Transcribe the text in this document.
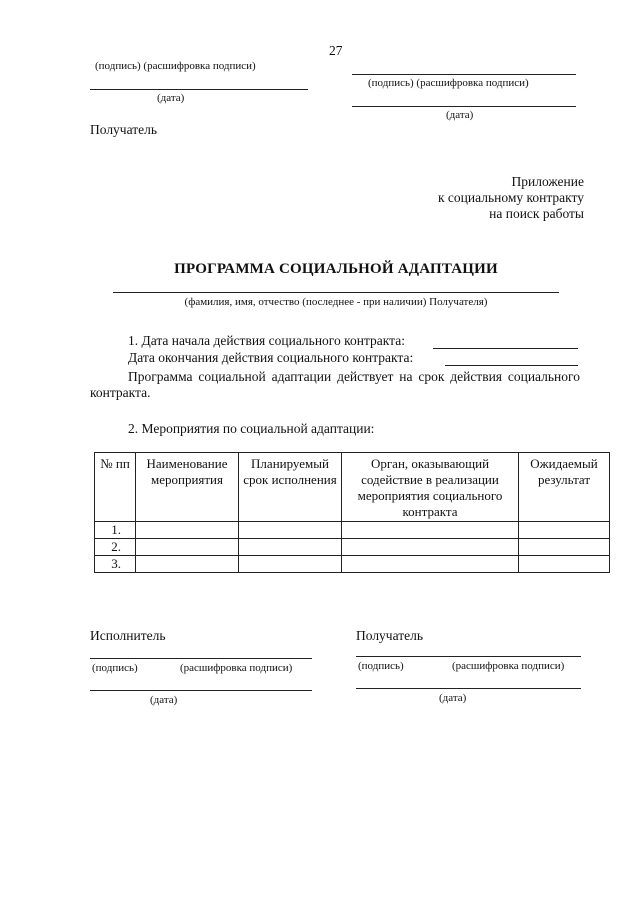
27
(подпись) (расшифровка подписи)
(дата)
(подпись) (расшифровка подписи)
(дата)
Получатель
Приложение
к социальному контракту
на поиск работы
ПРОГРАММА СОЦИАЛЬНОЙ АДАПТАЦИИ
(фамилия, имя, отчество (последнее - при наличии) Получателя)
1. Дата начала действия социального контракта:
Дата окончания действия социального контракта:
Программа социальной адаптации действует на срок действия социального контракта.
2. Мероприятия по социальной адаптации:
№ пп	Наименование мероприятия	Планируемый срок исполнения	Орган, оказывающий содействие в реализации мероприятия социального контракта	Ожидаемый результат
1.				
2.				
3.				
Исполнитель
(подпись)	(расшифровка подписи)
(дата)
Получатель
(подпись)	(расшифровка подписи)
(дата)
